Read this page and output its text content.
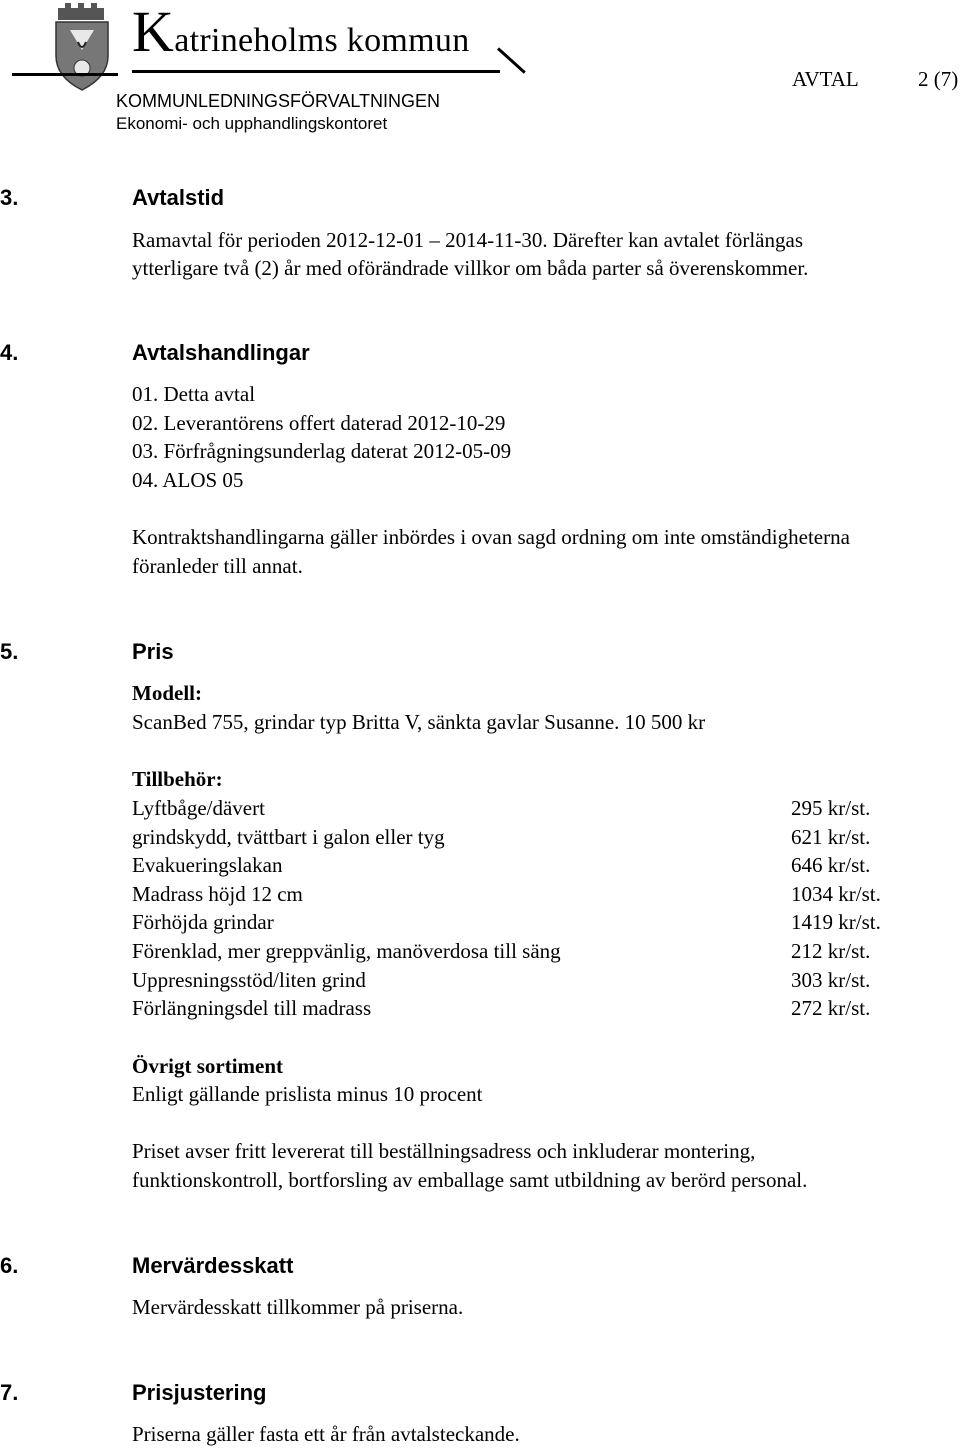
Katrineholms kommun
KOMMUNLEDNINGSFÖRVALTNINGEN
Ekonomi- och upphandlingskontoret
AVTAL	2 (7)
3.	Avtalstid
Ramavtal för perioden 2012-12-01 – 2014-11-30. Därefter kan avtalet förlängas
ytterligare två (2) år med oförändrade villkor om båda parter så överenskommer.
4.	Avtalshandlingar
01. Detta avtal
02. Leverantörens offert daterad 2012-10-29
03. Förfrågningsunderlag daterat 2012-05-09
04. ALOS 05
Kontraktshandlingarna gäller inbördes i ovan sagd ordning om inte omständigheterna
föranleder till annat.
5.	Pris
Modell:
ScanBed 755, grindar typ Britta V, sänkta gavlar Susanne. 10 500 kr
Tillbehör:
Lyftbåge/dävert	295 kr/st.
grindskydd, tvättbart i galon eller tyg	621 kr/st.
Evakueringslakan	646 kr/st.
Madrass höjd 12 cm	1034 kr/st.
Förhöjda grindar	1419 kr/st.
Förenklad, mer greppvänlig, manöverdosa till säng	212 kr/st.
Uppresningsstöd/liten grind	303 kr/st.
Förlängningsdel till madrass	272 kr/st.
Övrigt sortiment
Enligt gällande prislista minus 10 procent
Priset avser fritt levererat till beställningsadress och inkluderar montering,
funktionskontroll, bortforsling av emballage samt utbildning av berörd personal.
6.	Mervärdesskatt
Mervärdesskatt tillkommer på priserna.
7.	Prisjustering
Priserna gäller fasta ett år från avtalsteckande.
